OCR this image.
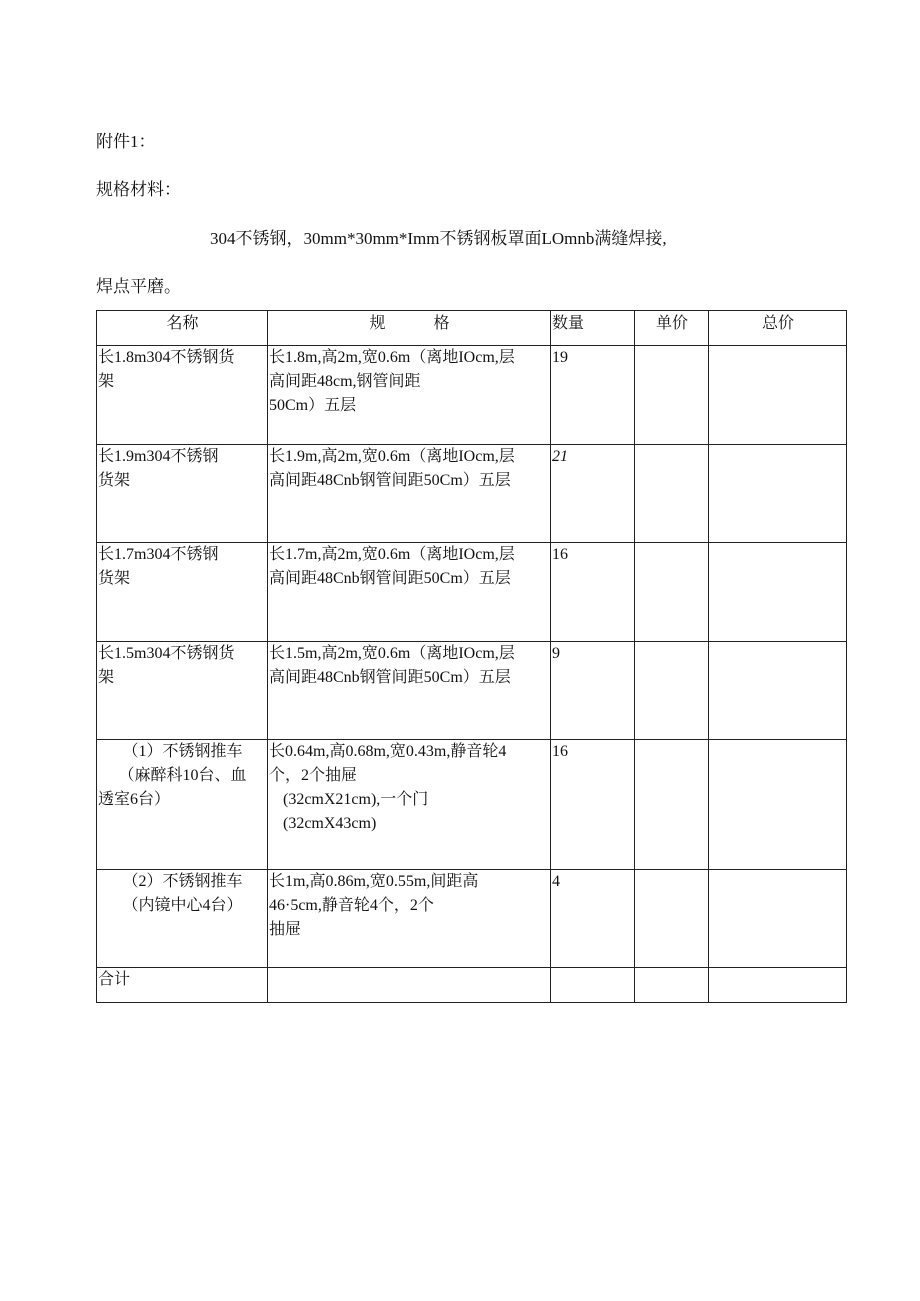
附件1：
规格材料：
304不锈钢，30mm*30mm*Imm不锈钢板罩面LOmnb满缝焊接,
焊点平磨。
名称	规　　　格	数量	单价	总价

长1.8m304不锈钢货
架	长1.8m,高2m,宽0.6m（离地IOcm,层
高间距48cm,钢管间距
50Cm）五层	19		

长1.9m304不锈钢
货架	长1.9m,高2m,宽0.6m（离地IOcm,层
高间距48Cnb钢管间距50Cm）五层	21		

长1.7m304不锈钢
货架	长1.7m,高2m,宽0.6m（离地IOcm,层
高间距48Cnb钢管间距50Cm）五层	16		

长1.5m304不锈钢货
架	长1.5m,高2m,宽0.6m（离地IOcm,层
高间距48Cnb钢管间距50Cm）五层	9		

（1）不锈钢推车
（麻醉科10台、血
透室6台）	长0.64m,高0.68m,宽0.43m,静音轮4
个，2个抽屉
(32cmX21cm),一个门
(32cmX43cm)	16		

（2）不锈钢推车
（内镜中心4台）	长1m,高0.86m,宽0.55m,间距高
46·5cm,静音轮4个，2个
抽屉	4		

合计				
